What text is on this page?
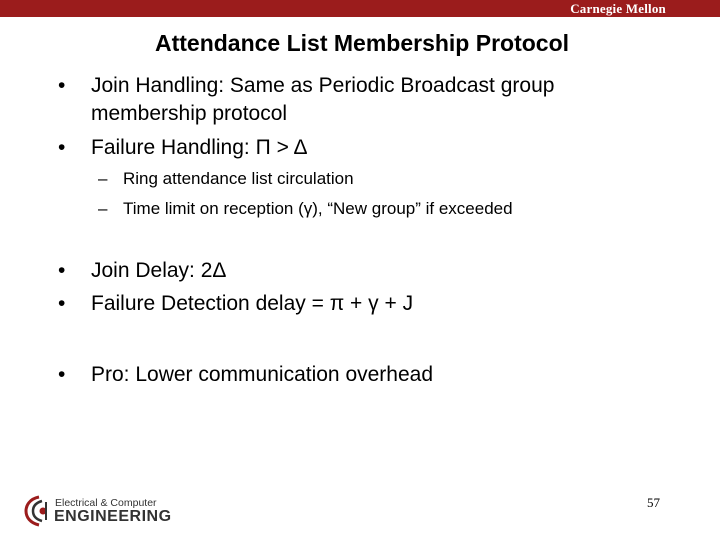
Carnegie Mellon
Attendance List Membership Protocol
• Join Handling: Same as Periodic Broadcast group
membership protocol
• Failure Handling: Π > Δ
– Ring attendance list circulation
– Time limit on reception (γ), “New group” if exceeded
• Join Delay: 2Δ
• Failure Detection delay = π + γ + J
• Pro: Lower communication overhead
Electrical & Computer
ENGINEERING
57
